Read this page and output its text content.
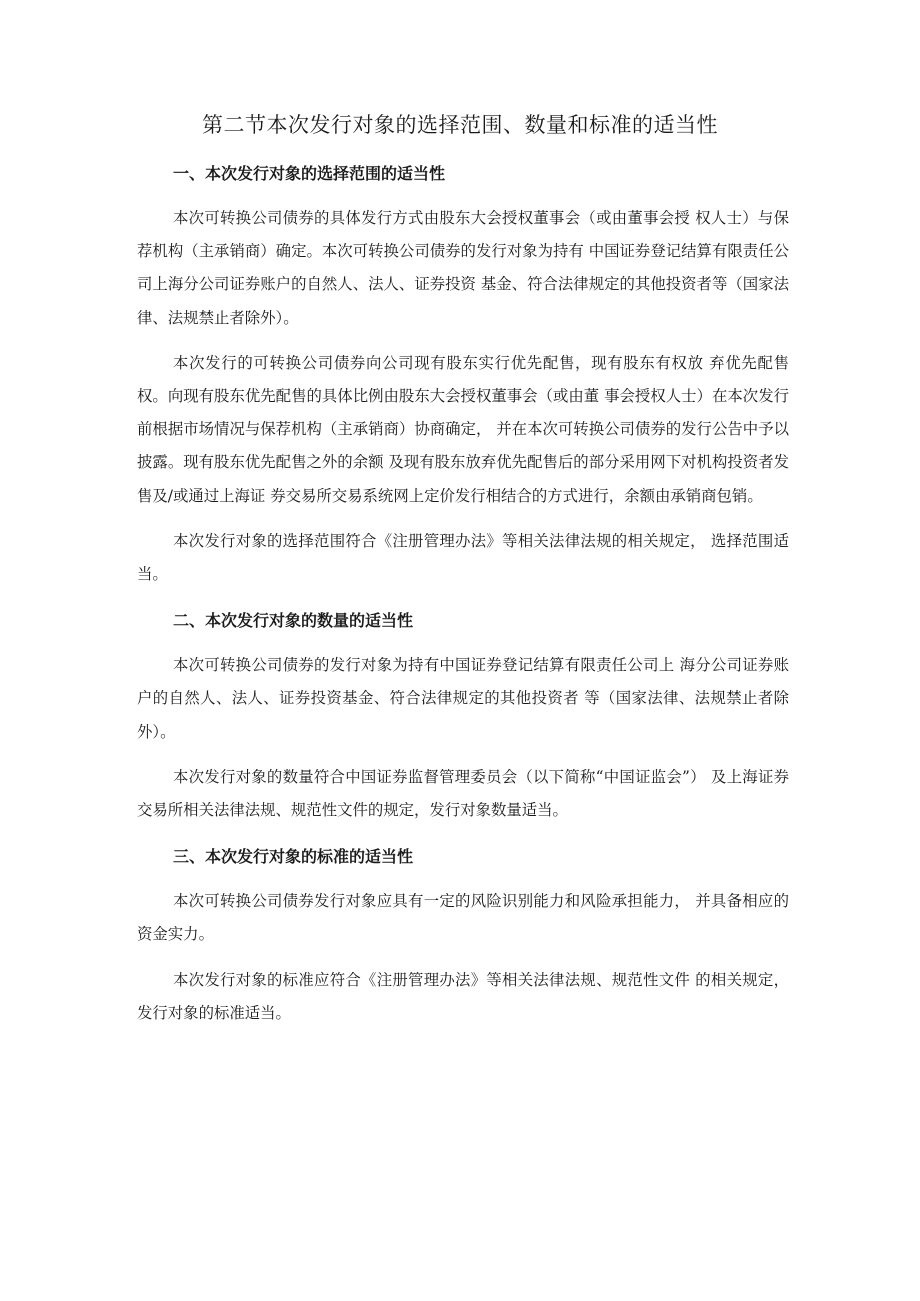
第二节本次发行对象的选择范围、数量和标准的适当性
一、本次发行对象的选择范围的适当性

本次可转换公司债券的具体发行方式由股东大会授权董事会（或由董事会授 权人士）与保荐机构（主承销商）确定。本次可转换公司债券的发行对象为持有 中国证券登记结算有限责任公司上海分公司证券账户的自然人、法人、证券投资 基金、符合法律规定的其他投资者等（国家法律、法规禁止者除外）。

本次发行的可转换公司债券向公司现有股东实行优先配售，现有股东有权放 弃优先配售权。向现有股东优先配售的具体比例由股东大会授权董事会（或由董 事会授权人士）在本次发行前根据市场情况与保荐机构（主承销商）协商确定， 并在本次可转换公司债券的发行公告中予以披露。现有股东优先配售之外的余额 及现有股东放弃优先配售后的部分采用网下对机构投资者发售及/或通过上海证 券交易所交易系统网上定价发行相结合的方式进行，余额由承销商包销。

本次发行对象的选择范围符合《注册管理办法》等相关法律法规的相关规定， 选择范围适当。

二、本次发行对象的数量的适当性

本次可转换公司债券的发行对象为持有中国证券登记结算有限责任公司上 海分公司证券账户的自然人、法人、证券投资基金、符合法律规定的其他投资者 等（国家法律、法规禁止者除外）。

本次发行对象的数量符合中国证券监督管理委员会（以下简称“中国证监会”） 及上海证券交易所相关法律法规、规范性文件的规定，发行对象数量适当。

三、本次发行对象的标准的适当性

本次可转换公司债券发行对象应具有一定的风险识别能力和风险承担能力， 并具备相应的资金实力。

本次发行对象的标准应符合《注册管理办法》等相关法律法规、规范性文件 的相关规定，发行对象的标准适当。
